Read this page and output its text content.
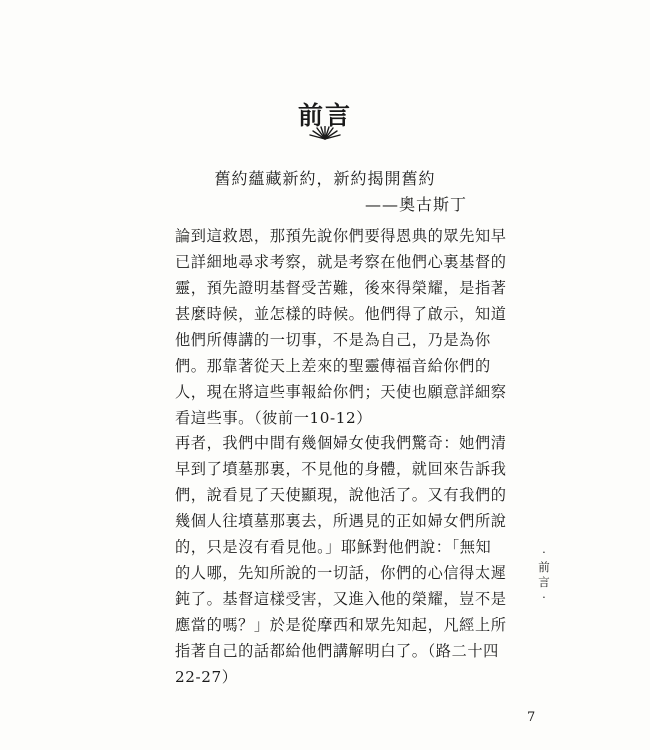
前言
舊約蘊藏新約，新約揭開舊約
——奧古斯丁
論到這救恩，那預先說你們要得恩典的眾先知早
已詳細地尋求考察，就是考察在他們心裏基督的
靈，預先證明基督受苦難，後來得榮耀，是指著
甚麼時候，並怎樣的時候。他們得了啟示，知道
他們所傳講的一切事，不是為自己，乃是為你
們。那靠著從天上差來的聖靈傳福音給你們的
人，現在將這些事報給你們；天使也願意詳細察
看這些事。（彼前一10-12）
再者，我們中間有幾個婦女使我們驚奇：她們清
早到了墳墓那裏，不見他的身體，就回來告訴我
們，說看見了天使顯現，說他活了。又有我們的
幾個人往墳墓那裏去，所遇見的正如婦女們所說
的，只是沒有看見他。」耶穌對他們說：「無知
的人哪，先知所說的一切話，你們的心信得太遲
鈍了。基督這樣受害，又進入他的榮耀，豈不是
應當的嗎？」於是從摩西和眾先知起，凡經上所
指著自己的話都給他們講解明白了。（路二十四
22-27）
·
前
言
·
7
